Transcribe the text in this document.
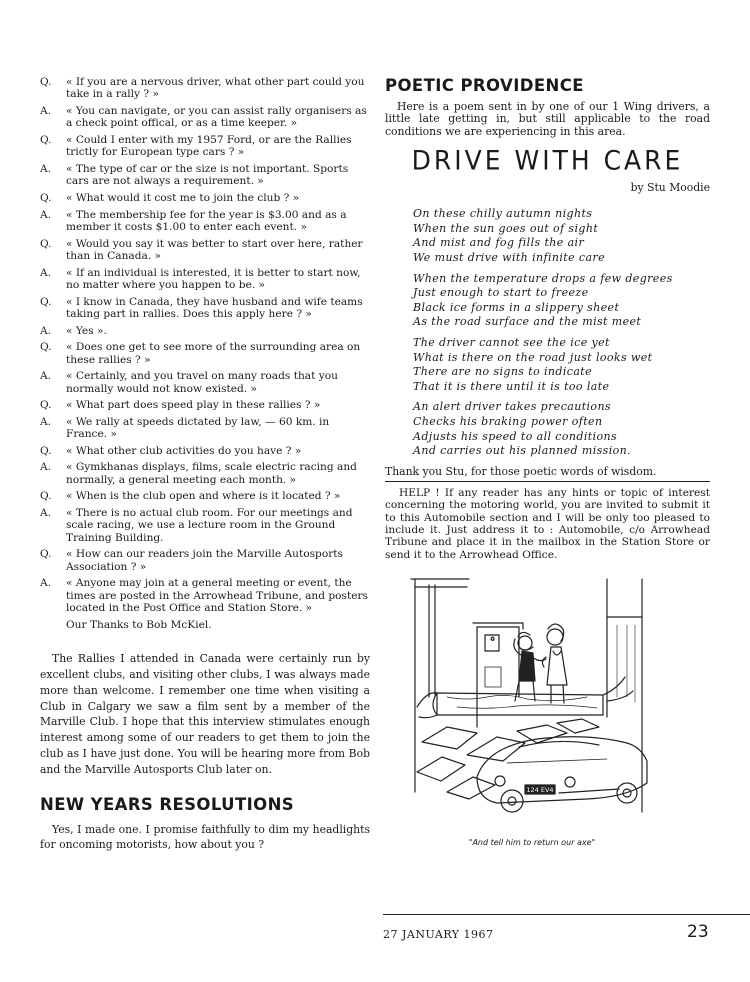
Q. « If you are a nervous driver, what other part could you take in a rally ? »
A. « You can navigate, or you can assist rally organisers as a check point offical, or as a time keeper. »
Q. « Could I enter with my 1957 Ford, or are the Rallies trictly for European type cars ? »
A. « The type of car or the size is not important. Sports cars are not always a requirement. »
Q. « What would it cost me to join the club ? »
A. « The membership fee for the year is $3.00 and as a member it costs $1.00 to enter each event. »
Q. « Would you say it was better to start over here, rather than in Canada. »
A. « If an individual is interested, it is better to start now, no matter where you happen to be. »
Q. « I know in Canada, they have husband and wife teams taking part in rallies. Does this apply here ? »
A. « Yes ».
Q. « Does one get to see more of the surrounding area on these rallies ? »
A. « Certainly, and you travel on many roads that you normally would not know existed. »
Q. « What part does speed play in these rallies ? »
A. « We rally at speeds dictated by law, — 60 km. in France. »
Q. « What other club activities do you have ? »
A. « Gymkhanas displays, films, scale electric racing and normally, a general meeting each month. »
Q. « When is the club open and where is it located ? »
A. « There is no actual club room. For our meetings and scale racing, we use a lecture room in the Ground Training Building.
Q. « How can our readers join the Marville Autosports Association ? »
A. « Anyone may join at a general meeting or event, the times are posted in the Arrowhead Tribune, and posters located in the Post Office and Station Store. »

Our Thanks to Bob McKiel.

The Rallies I attended in Canada were certainly run by excellent clubs, and visiting other clubs, I was always made more than welcome. I remember one time when visiting a Club in Calgary we saw a film sent by a member of the Marville Club. I hope that this interview stimulates enough interest among some of our readers to get them to join the club as I have just done. You will be hearing more from Bob and the Marville Autosports Club later on.

NEW YEARS RESOLUTIONS

Yes, I made one. I promise faithfully to dim my headlights for oncoming motorists, how about you ?

POETIC PROVIDENCE

Here is a poem sent in by one of our 1 Wing drivers, a little late getting in, but still applicable to the road conditions we are experiencing in this area.

DRIVE WITH CARE
by Stu Moodie
On these chilly autumn nights
When the sun goes out of sight
And mist and fog fills the air
We must drive with infinite care
When the temperature drops a few degrees
Just enough to start to freeze
Black ice forms in a slippery sheet
As the road surface and the mist meet
The driver cannot see the ice yet
What is there on the road just looks wet
There are no signs to indicate
That it is there until it is too late
An alert driver takes precautions
Checks his braking power often
Adjusts his speed to all conditions
And carries out his planned mission.
Thank you Stu, for those poetic words of wisdom.

HELP ! If any reader has any hints or topic of interest concerning the motoring world, you are invited to submit it to this Automobile section and I will be only too pleased to include it. Just address it to : Automobile, c/o Arrowhead Tribune and place it in the mailbox in the Station Store or send it to the Arrowhead Office.

124 EV4
"And tell him to return our axe"
27 JANUARY 1967	23
